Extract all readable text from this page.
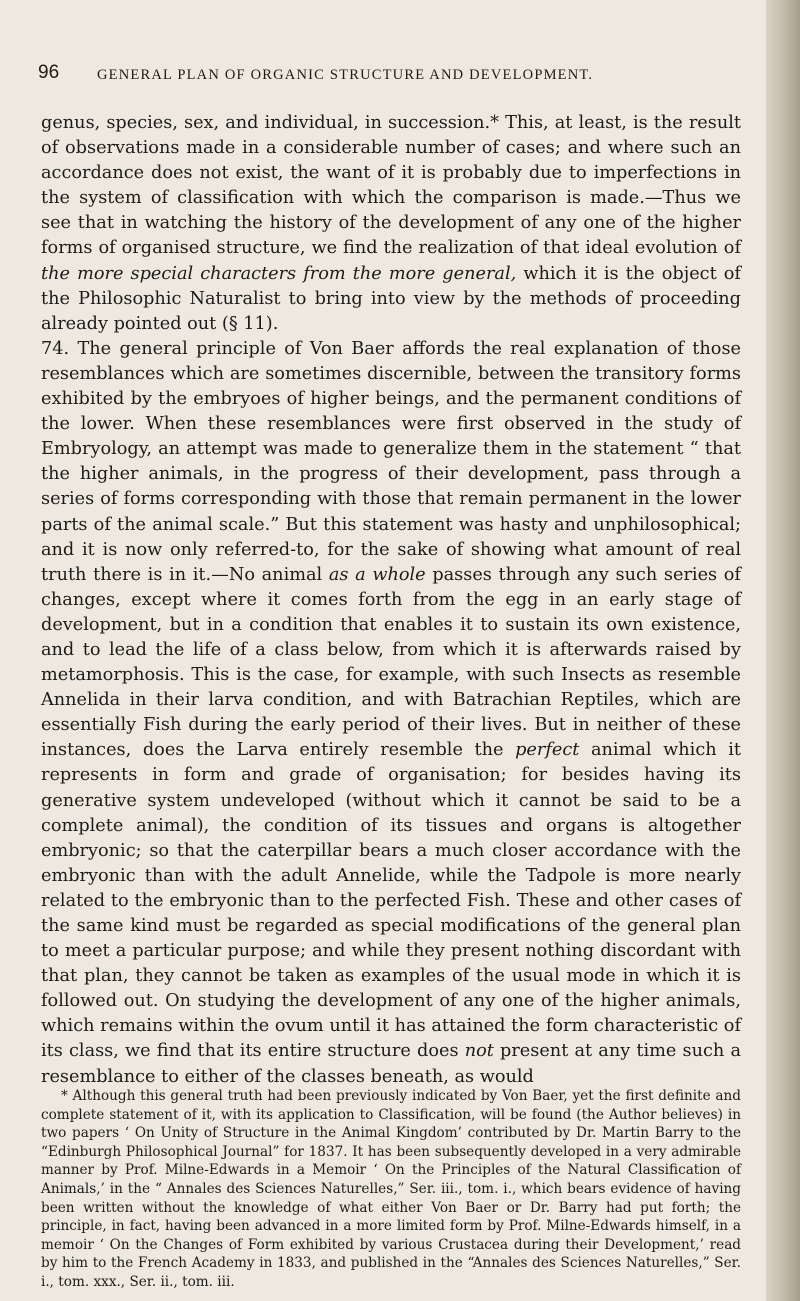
96	GENERAL PLAN OF ORGANIC STRUCTURE AND DEVELOPMENT.

genus, species, sex, and individual, in succession.* This, at least, is the result of observations made in a considerable number of cases; and where such an accordance does not exist, the want of it is probably due to imperfections in the system of classification with which the comparison is made.—Thus we see that in watching the history of the development of any one of the higher forms of organised structure, we find the realization of that ideal evolution of the more special characters from the more general, which it is the object of the Philosophic Naturalist to bring into view by the methods of proceeding already pointed out (§ 11).

74. The general principle of Von Baer affords the real explanation of those resemblances which are sometimes discernible, between the transitory forms exhibited by the embryoes of higher beings, and the permanent conditions of the lower. When these resemblances were first observed in the study of Embryology, an attempt was made to generalize them in the statement “ that the higher animals, in the progress of their development, pass through a series of forms corresponding with those that remain permanent in the lower parts of the animal scale.” But this statement was hasty and unphilosophical; and it is now only referred-to, for the sake of showing what amount of real truth there is in it.—No animal as a whole passes through any such series of changes, except where it comes forth from the egg in an early stage of development, but in a condition that enables it to sustain its own existence, and to lead the life of a class below, from which it is afterwards raised by metamorphosis. This is the case, for example, with such Insects as resemble Annelida in their larva condition, and with Batrachian Reptiles, which are essentially Fish during the early period of their lives. But in neither of these instances, does the Larva entirely resemble the perfect animal which it represents in form and grade of organisation; for besides having its generative system undeveloped (without which it cannot be said to be a complete animal), the condition of its tissues and organs is altogether embryonic; so that the caterpillar bears a much closer accordance with the embryonic than with the adult Annelide, while the Tadpole is more nearly related to the embryonic than to the perfected Fish. These and other cases of the same kind must be regarded as special modifications of the general plan to meet a particular purpose; and while they present nothing discordant with that plan, they cannot be taken as examples of the usual mode in which it is followed out. On studying the development of any one of the higher animals, which remains within the ovum until it has attained the form characteristic of its class, we find that its entire structure does not present at any time such a resemblance to either of the classes beneath, as would

* Although this general truth had been previously indicated by Von Baer, yet the first definite and complete statement of it, with its application to Classification, will be found (the Author believes) in two papers ‘ On Unity of Structure in the Animal Kingdom’ contributed by Dr. Martin Barry to the “Edinburgh Philosophical Journal” for 1837. It has been subsequently developed in a very admirable manner by Prof. Milne-Edwards in a Memoir ‘ On the Principles of the Natural Classification of Animals,’ in the “ Annales des Sciences Naturelles,” Ser. iii., tom. i., which bears evidence of having been written without the knowledge of what either Von Baer or Dr. Barry had put forth; the principle, in fact, having been advanced in a more limited form by Prof. Milne-Edwards himself, in a memoir ‘ On the Changes of Form exhibited by various Crustacea during their Development,’ read by him to the French Academy in 1833, and published in the “Annales des Sciences Naturelles,” Ser. i., tom. xxx., Ser. ii., tom. iii.
